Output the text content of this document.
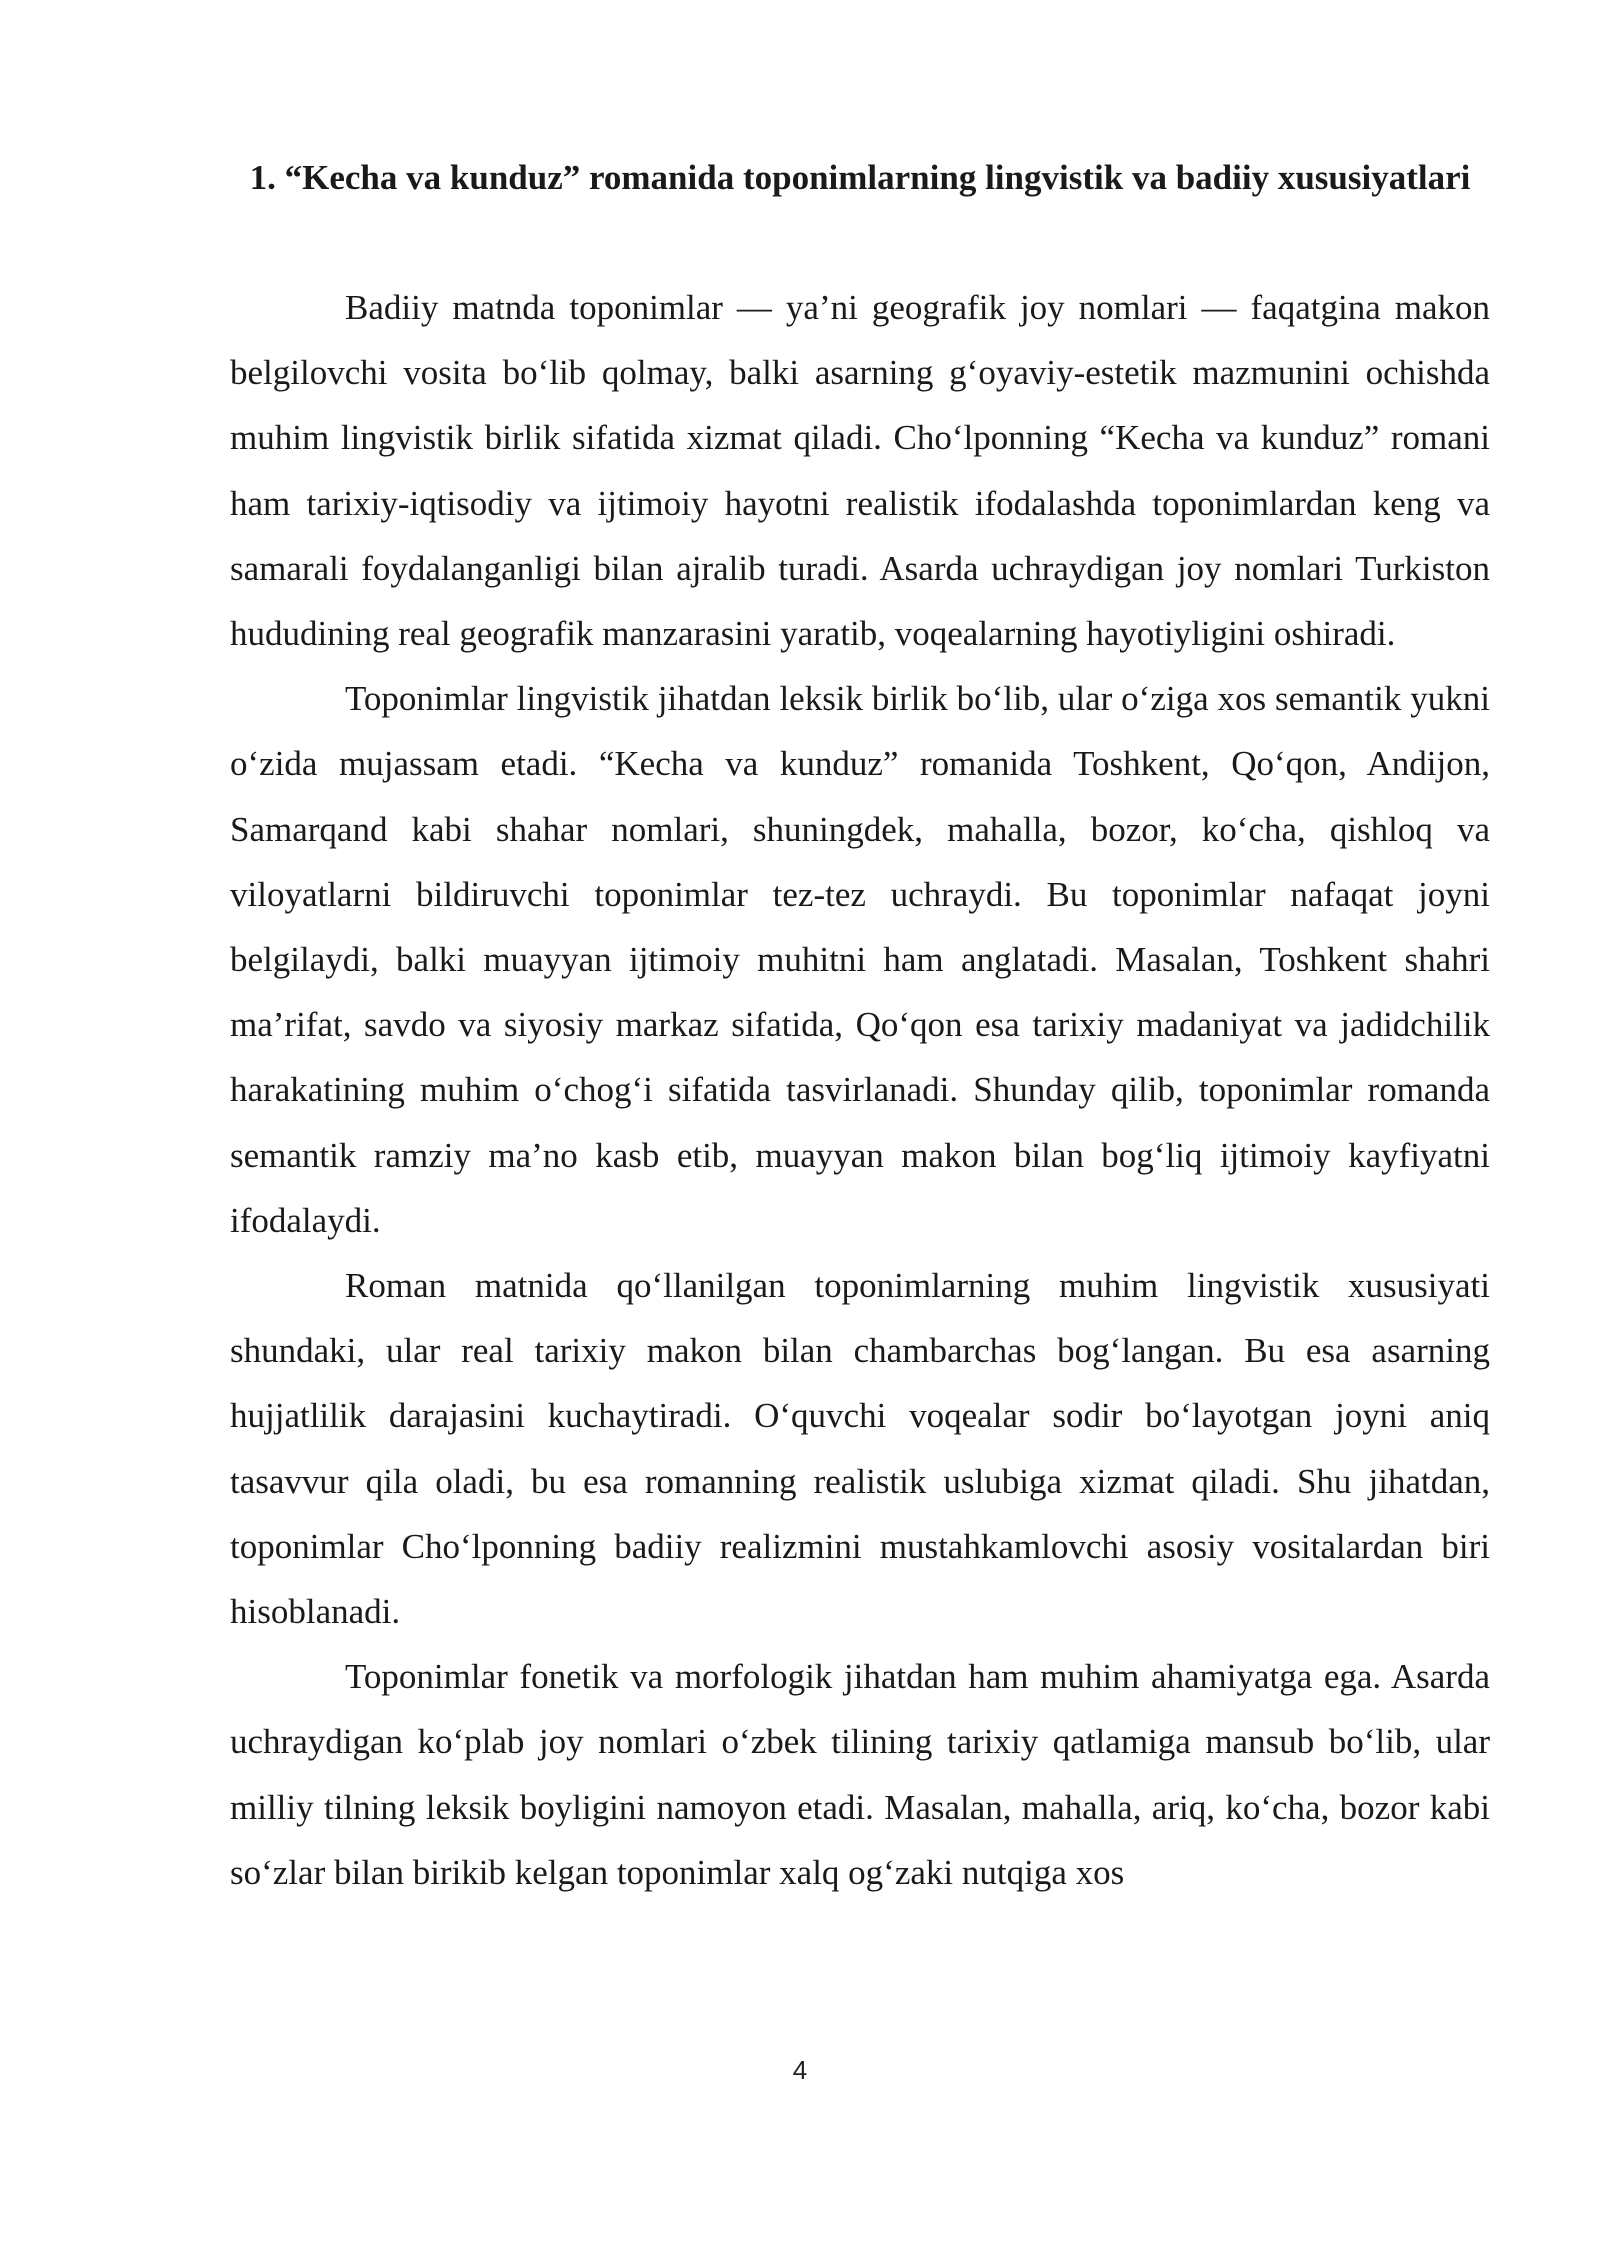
1. “Kecha va kunduz” romanida toponimlarning lingvistik va badiiy xususiyatlari

Badiiy matnda toponimlar — ya’ni geografik joy nomlari — faqatgina makon belgilovchi vosita bo‘lib qolmay, balki asarning g‘oyaviy-estetik mazmunini ochishda muhim lingvistik birlik sifatida xizmat qiladi. Cho‘lponning “Kecha va kunduz” romani ham tarixiy-iqtisodiy va ijtimoiy hayotni realistik ifodalashda toponimlardan keng va samarali foydalanganligi bilan ajralib turadi. Asarda uchraydigan joy nomlari Turkiston hududining real geografik manzarasini yaratib, voqealarning hayotiyligini oshiradi.

Toponimlar lingvistik jihatdan leksik birlik bo‘lib, ular o‘ziga xos semantik yukni o‘zida mujassam etadi. “Kecha va kunduz” romanida Toshkent, Qo‘qon, Andijon, Samarqand kabi shahar nomlari, shuningdek, mahalla, bozor, ko‘cha, qishloq va viloyatlarni bildiruvchi toponimlar tez-tez uchraydi. Bu toponimlar nafaqat joyni belgilaydi, balki muayyan ijtimoiy muhitni ham anglatadi. Masalan, Toshkent shahri ma’rifat, savdo va siyosiy markaz sifatida, Qo‘qon esa tarixiy madaniyat va jadidchilik harakatining muhim o‘chog‘i sifatida tasvirlanadi. Shunday qilib, toponimlar romanda semantik ramziy ma’no kasb etib, muayyan makon bilan bog‘liq ijtimoiy kayfiyatni ifodalaydi.

Roman matnida qo‘llanilgan toponimlarning muhim lingvistik xususiyati shundaki, ular real tarixiy makon bilan chambarchas bog‘langan. Bu esa asarning hujjatlilik darajasini kuchaytiradi. O‘quvchi voqealar sodir bo‘layotgan joyni aniq tasavvur qila oladi, bu esa romanning realistik uslubiga xizmat qiladi. Shu jihatdan, toponimlar Cho‘lponning badiiy realizmini mustahkamlovchi asosiy vositalardan biri hisoblanadi.

Toponimlar fonetik va morfologik jihatdan ham muhim ahamiyatga ega. Asarda uchraydigan ko‘plab joy nomlari o‘zbek tilining tarixiy qatlamiga mansub bo‘lib, ular milliy tilning leksik boyligini namoyon etadi. Masalan, mahalla, ariq, ko‘cha, bozor kabi so‘zlar bilan birikib kelgan toponimlar xalq og‘zaki nutqiga xos

4
